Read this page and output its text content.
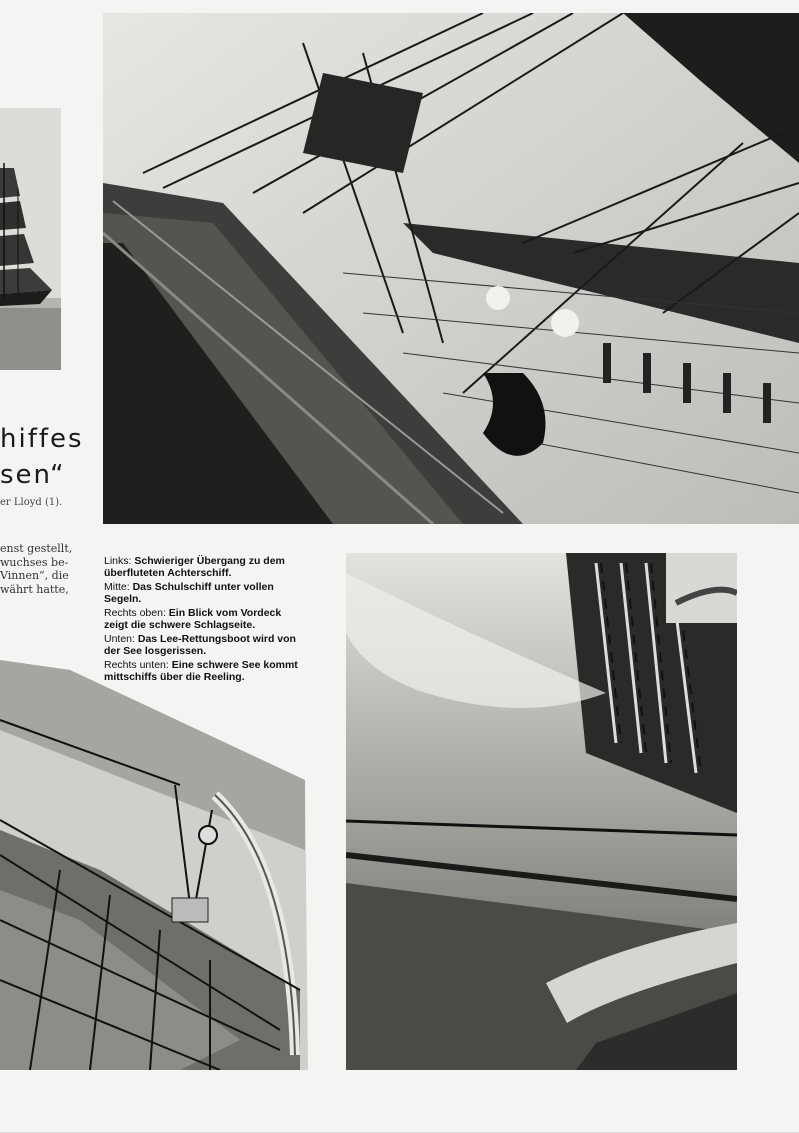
hiffes
sen“
er Lloyd (1).
enst gestellt,
wuchses be-
Vinnen“, die
währt hatte,
Links: Schwieriger Übergang zu dem überfluteten Achterschiff.
Mitte: Das Schulschiff unter vollen Segeln.
Rechts oben: Ein Blick vom Vordeck zeigt die schwere Schlagseite.
Unten: Das Lee-Rettungsboot wird von der See losgerissen.
Rechts unten: Eine schwere See kommt mittschiffs über die Reeling.
